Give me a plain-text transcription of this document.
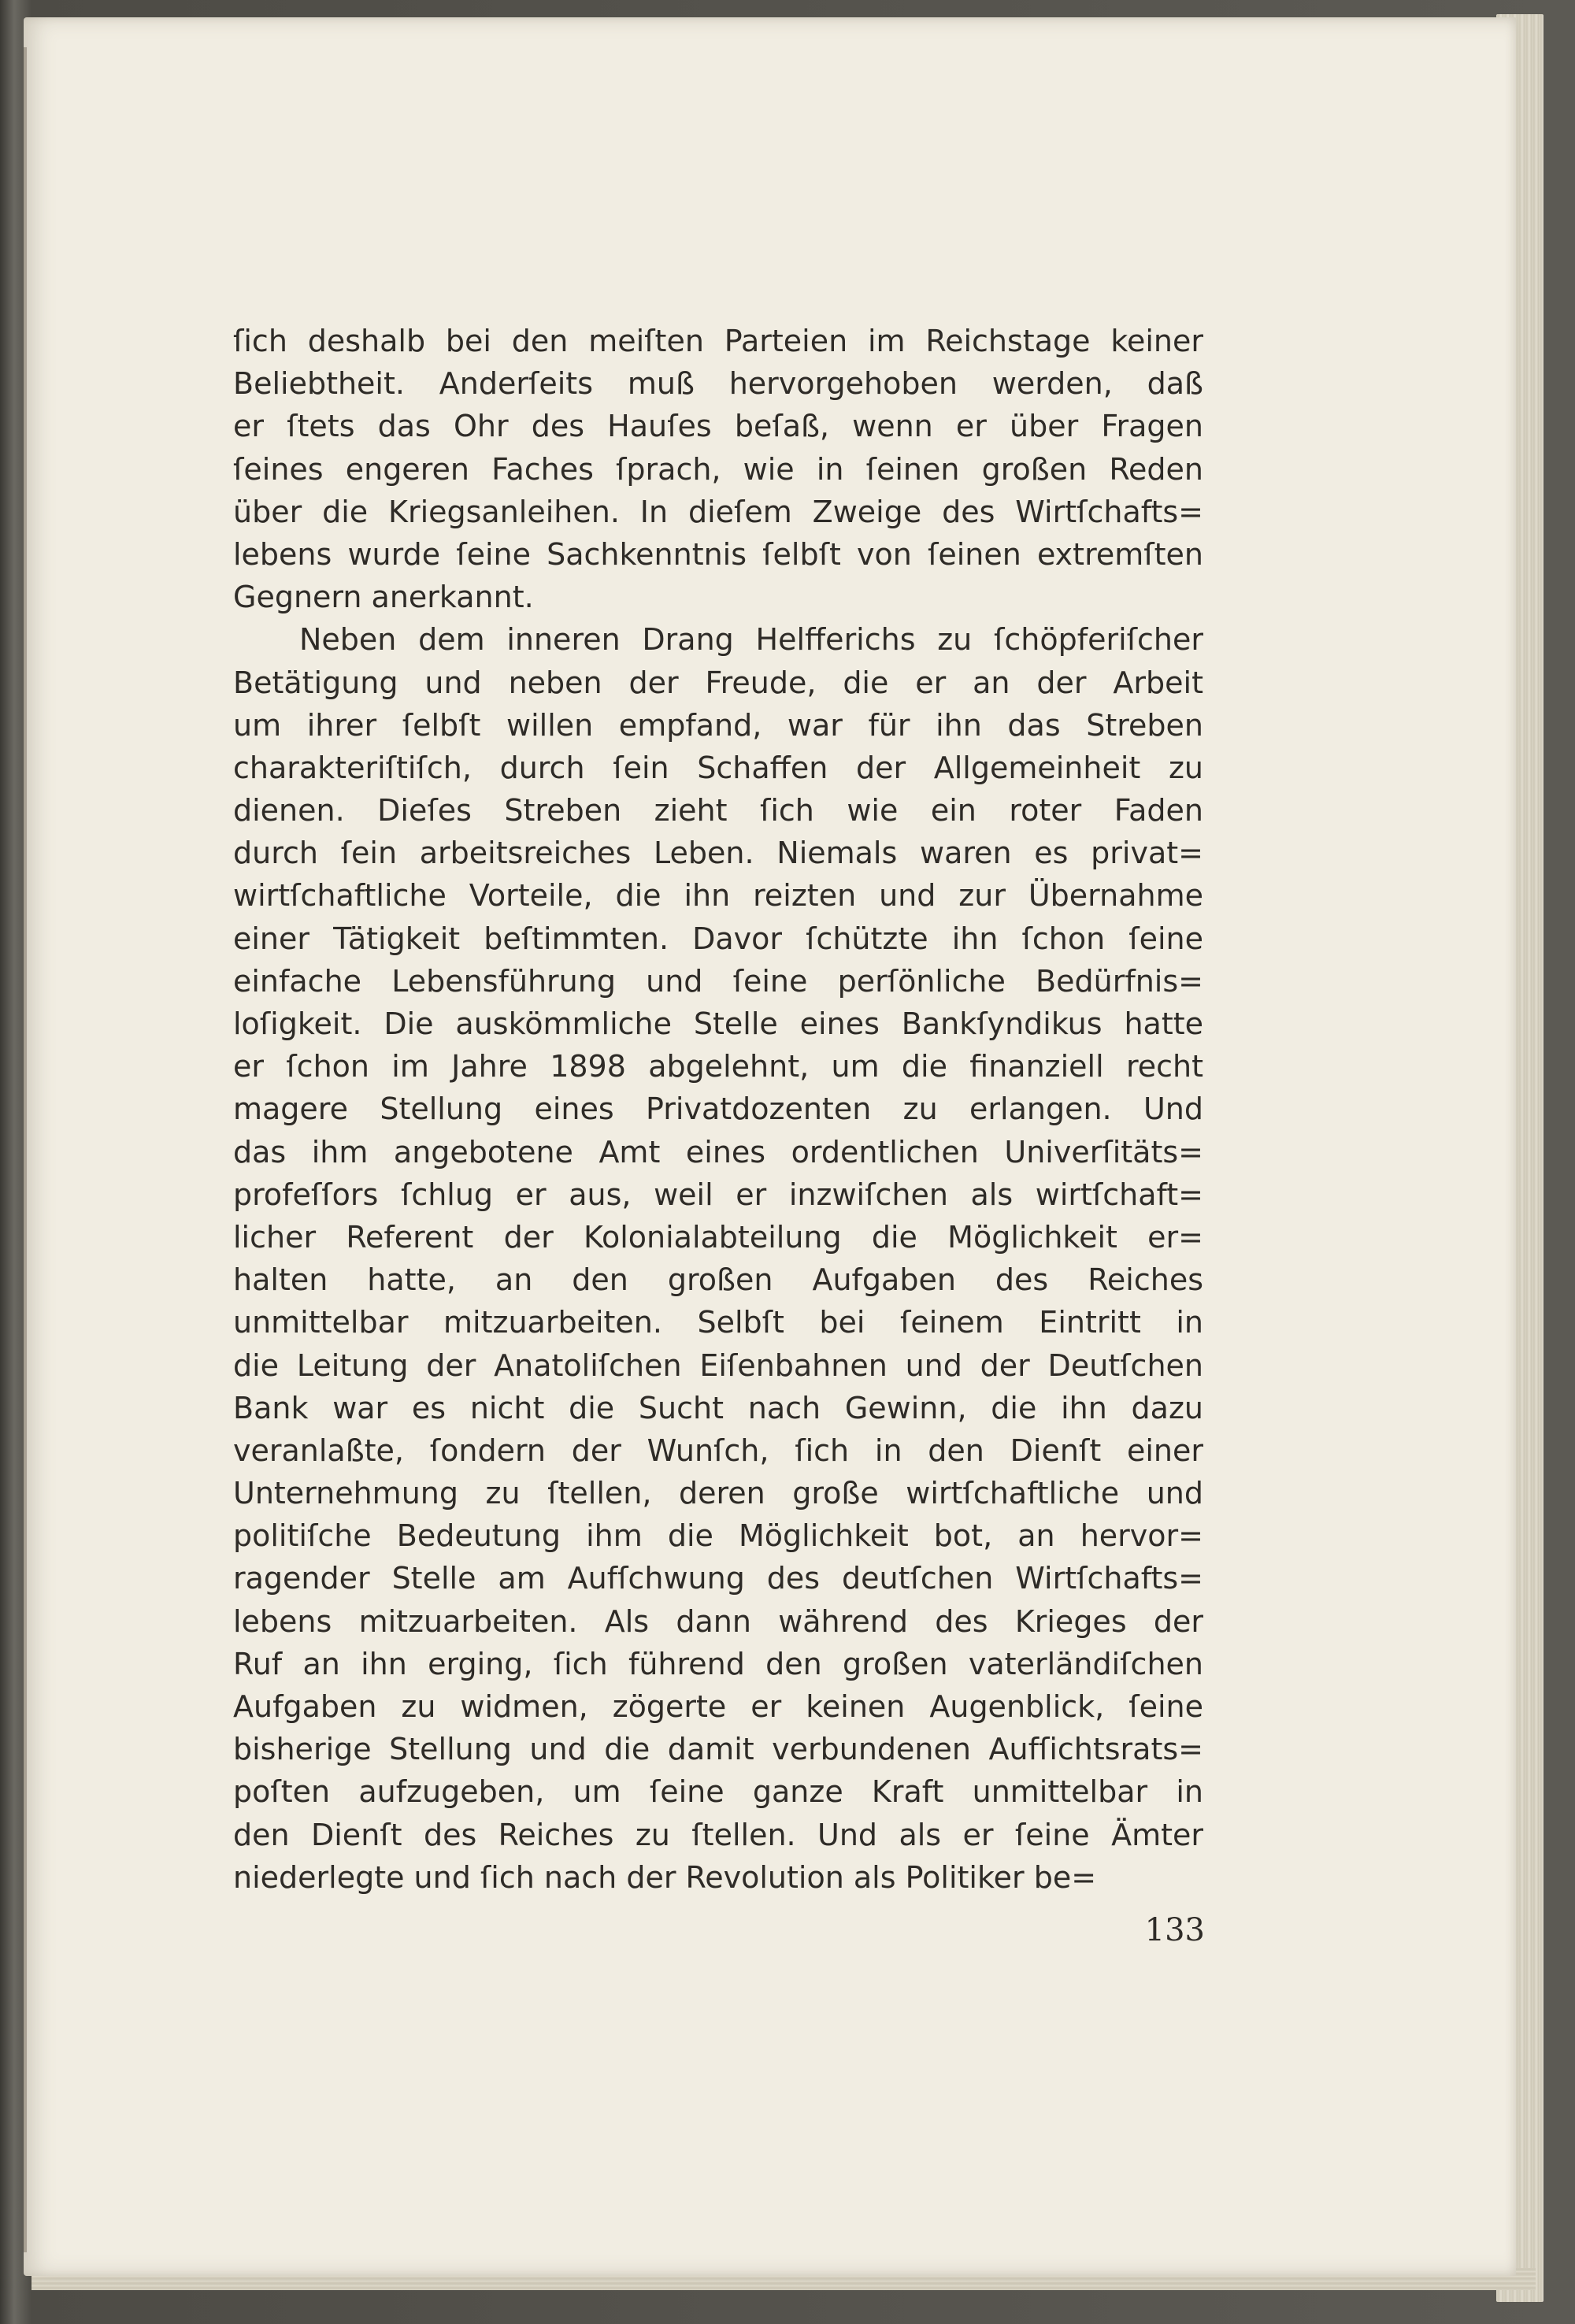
ſich deshalb bei den meiſten Parteien im Reichstage keiner
Beliebtheit. Anderſeits muß hervorgehoben werden, daß
er ſtets das Ohr des Hauſes beſaß, wenn er über Fragen
ſeines engeren Faches ſprach, wie in ſeinen großen Reden
über die Kriegsanleihen. In dieſem Zweige des Wirtſchafts=
lebens wurde ſeine Sachkenntnis ſelbſt von ſeinen extremſten
Gegnern anerkannt.
Neben dem inneren Drang Helfferichs zu ſchöpferiſcher
Betätigung und neben der Freude, die er an der Arbeit
um ihrer ſelbſt willen empfand, war für ihn das Streben
charakteriſtiſch, durch ſein Schaffen der Allgemeinheit zu
dienen. Dieſes Streben zieht ſich wie ein roter Faden
durch ſein arbeitsreiches Leben. Niemals waren es privat=
wirtſchaftliche Vorteile, die ihn reizten und zur Übernahme
einer Tätigkeit beſtimmten. Davor ſchützte ihn ſchon ſeine
einfache Lebensführung und ſeine perſönliche Bedürfnis=
loſigkeit. Die auskömmliche Stelle eines Bankſyndikus hatte
er ſchon im Jahre 1898 abgelehnt, um die finanziell recht
magere Stellung eines Privatdozenten zu erlangen. Und
das ihm angebotene Amt eines ordentlichen Univerſitäts=
profeſſors ſchlug er aus, weil er inzwiſchen als wirtſchaft=
licher Referent der Kolonialabteilung die Möglichkeit er=
halten hatte, an den großen Aufgaben des Reiches
unmittelbar mitzuarbeiten. Selbſt bei ſeinem Eintritt in
die Leitung der Anatoliſchen Eiſenbahnen und der Deutſchen
Bank war es nicht die Sucht nach Gewinn, die ihn dazu
veranlaßte, ſondern der Wunſch, ſich in den Dienſt einer
Unternehmung zu ſtellen, deren große wirtſchaftliche und
politiſche Bedeutung ihm die Möglichkeit bot, an hervor=
ragender Stelle am Aufſchwung des deutſchen Wirtſchafts=
lebens mitzuarbeiten. Als dann während des Krieges der
Ruf an ihn erging, ſich führend den großen vaterländiſchen
Aufgaben zu widmen, zögerte er keinen Augenblick, ſeine
bisherige Stellung und die damit verbundenen Aufſichtsrats=
poſten aufzugeben, um ſeine ganze Kraft unmittelbar in
den Dienſt des Reiches zu ſtellen. Und als er ſeine Ämter
niederlegte und ſich nach der Revolution als Politiker be=
133
